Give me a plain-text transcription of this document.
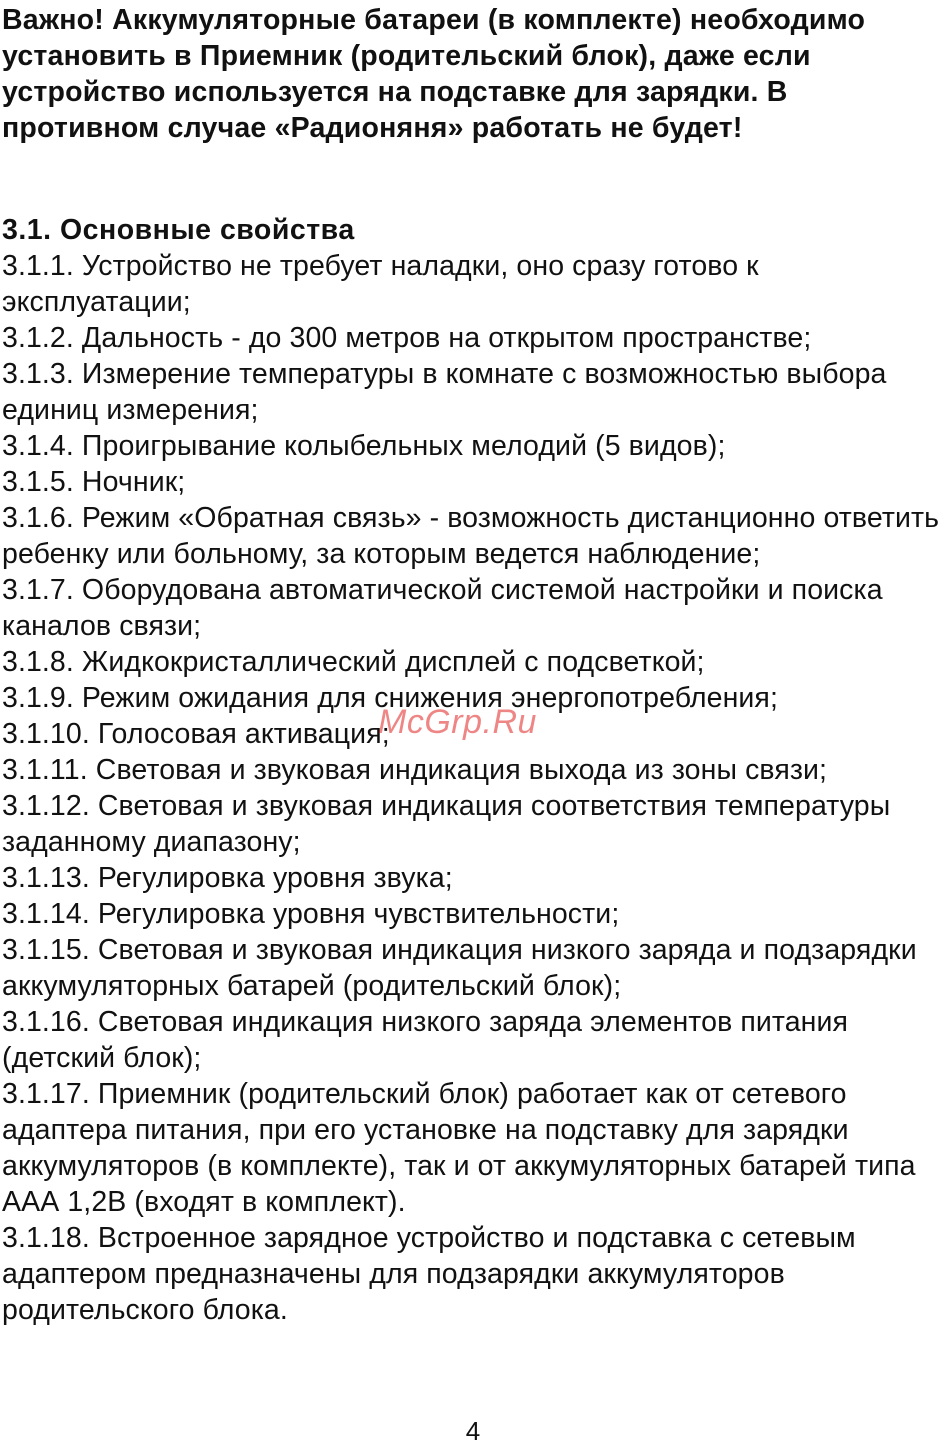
Важно! Аккумуляторные батареи (в комплекте) необходимо установить в Приемник (родительский блок), даже если устройство используется на подставке для зарядки. В противном случае «Радионяня» работать не будет!

3.1. Основные свойства
3.1.1. Устройство не требует наладки, оно сразу готово к эксплуатации;
3.1.2. Дальность - до 300 метров на открытом пространстве;
3.1.3. Измерение температуры в комнате с возможностью выбора единиц измерения;
3.1.4. Проигрывание колыбельных мелодий (5 видов);
3.1.5. Ночник;
3.1.6. Режим «Обратная связь» - возможность дистанционно ответить ребенку или больному, за которым ведется наблюдение;
3.1.7. Оборудована автоматической системой настройки и поиска каналов связи;
3.1.8. Жидкокристаллический дисплей с подсветкой;
3.1.9. Режим ожидания для снижения энергопотребления;
3.1.10. Голосовая активация;
3.1.11. Световая и звуковая индикация выхода из зоны связи;
3.1.12. Световая и звуковая индикация соответствия температуры заданному диапазону;
3.1.13. Регулировка уровня звука;
3.1.14. Регулировка уровня чувствительности;
3.1.15. Световая и звуковая индикация низкого заряда и подзарядки аккумуляторных батарей (родительский блок);
3.1.16. Световая индикация низкого заряда элементов питания (детский блок);
3.1.17. Приемник (родительский блок) работает как от сетевого адаптера питания, при его установке на подставку для зарядки аккумуляторов (в комплекте), так и от аккумуляторных батарей типа ААА 1,2В (входят в комплект).
3.1.18. Встроенное зарядное устройство и подставка с сетевым адаптером предназначены для подзарядки аккумуляторов родительского блока.
McGrp.Ru
4
